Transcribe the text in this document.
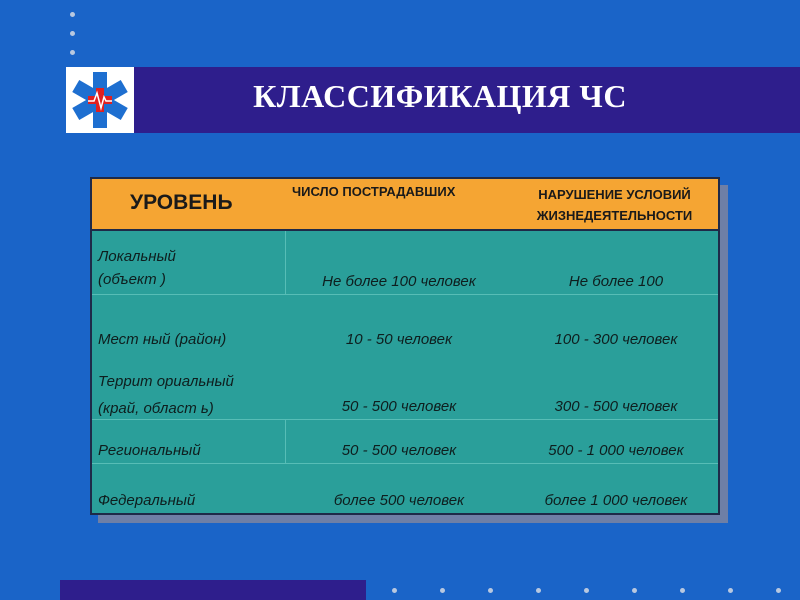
КЛАССИФИКАЦИЯ ЧС
УРОВЕНЬ	ЧИСЛО ПОСТРАДАВШИХ	НАРУШЕНИЕ УСЛОВИЙ ЖИЗНЕДЕЯТЕЛЬНОСТИ
Локальный
(объект )	Не более 100 человек	Не более 100
Мест ный (район)	10 - 50 человек	100 - 300 человек
Террит ориальный
(край, област ь)	50 - 500 человек	300 - 500 человек
Региональный	50 - 500 человек	500 - 1 000 человек
Федеральный	более 500 человек	более 1 000 человек
